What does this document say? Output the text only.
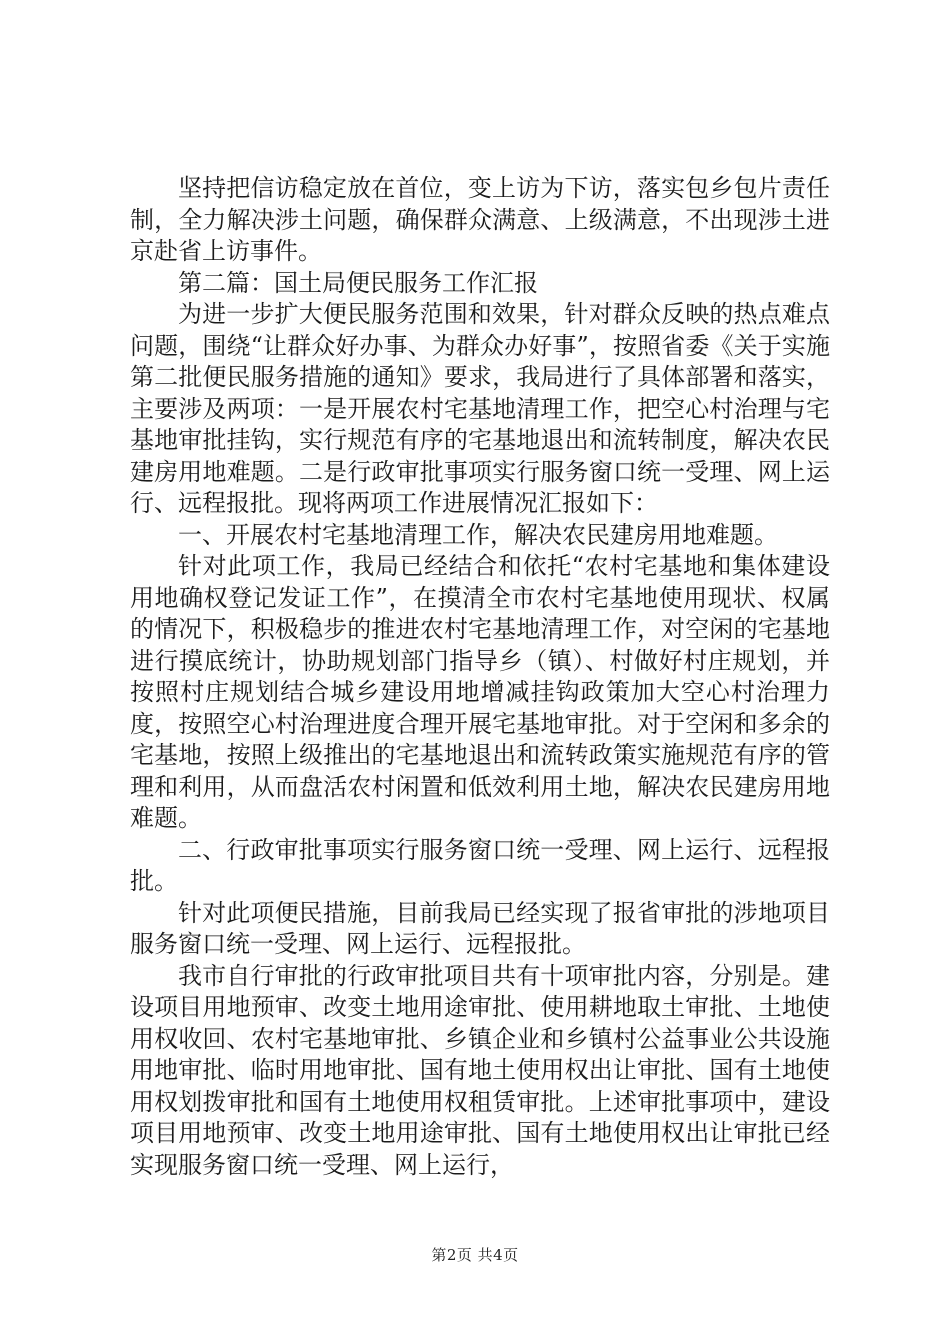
坚持把信访稳定放在首位，变上访为下访，落实包乡包片责任制，全力解决涉土问题，确保群众满意、上级满意，不出现涉土进京赴省上访事件。

第二篇：国土局便民服务工作汇报

为进一步扩大便民服务范围和效果，针对群众反映的热点难点问题，围绕“让群众好办事、为群众办好事”，按照省委《关于实施第二批便民服务措施的通知》要求，我局进行了具体部署和落实，主要涉及两项：一是开展农村宅基地清理工作，把空心村治理与宅基地审批挂钩，实行规范有序的宅基地退出和流转制度，解决农民建房用地难题。二是行政审批事项实行服务窗口统一受理、网上运行、远程报批。现将两项工作进展情况汇报如下：

一、开展农村宅基地清理工作，解决农民建房用地难题。

针对此项工作，我局已经结合和依托“农村宅基地和集体建设用地确权登记发证工作”，在摸清全市农村宅基地使用现状、权属的情况下，积极稳步的推进农村宅基地清理工作，对空闲的宅基地进行摸底统计，协助规划部门指导乡（镇）、村做好村庄规划，并按照村庄规划结合城乡建设用地增减挂钩政策加大空心村治理力度，按照空心村治理进度合理开展宅基地审批。对于空闲和多余的宅基地，按照上级推出的宅基地退出和流转政策实施规范有序的管理和利用，从而盘活农村闲置和低效利用土地，解决农民建房用地难题。

二、行政审批事项实行服务窗口统一受理、网上运行、远程报批。

针对此项便民措施，目前我局已经实现了报省审批的涉地项目服务窗口统一受理、网上运行、远程报批。

我市自行审批的行政审批项目共有十项审批内容，分别是。建设项目用地预审、改变土地用途审批、使用耕地取土审批、土地使用权收回、农村宅基地审批、乡镇企业和乡镇村公益事业公共设施用地审批、临时用地审批、国有地土使用权出让审批、国有土地使用权划拨审批和国有土地使用权租赁审批。上述审批事项中，建设项目用地预审、改变土地用途审批、国有土地使用权出让审批已经实现服务窗口统一受理、网上运行，

第2页 共4页
